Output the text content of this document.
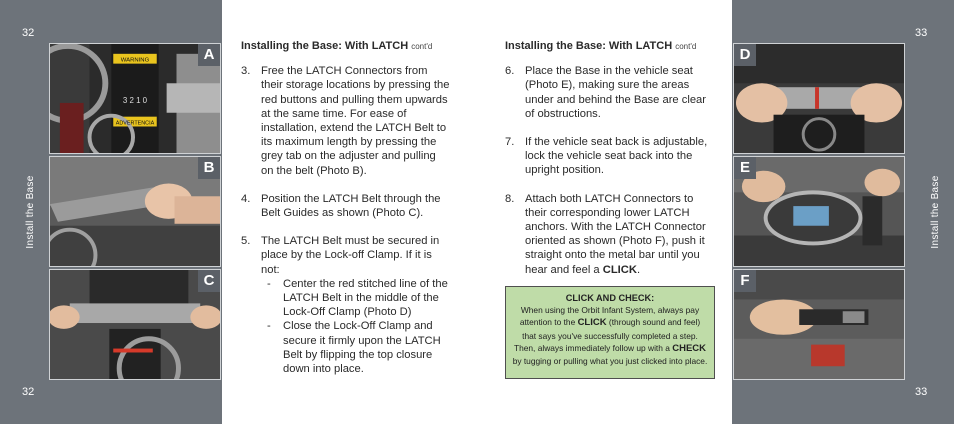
32
32
Install the Base
WARNING
3 2 1 0
ADVERTENCIA
A
B
C
Installing the Base: With LATCH cont'd
3. Free the LATCH Connectors from their storage locations by pressing the red buttons and pulling them upwards at the same time. For ease of installation, extend the LATCH Belt to its maximum length by pressing the grey tab on the adjuster and pulling on the belt (Photo B).
4. Position the LATCH Belt through the Belt Guides as shown (Photo C).
5. The LATCH Belt must be secured in place by the Lock-off Clamp. If it is not:
- Center the red stitched line of the LATCH Belt in the middle of the Lock-Off Clamp (Photo D)
- Close the Lock-Off Clamp and secure it firmly upon the LATCH Belt by flipping the top closure down into place.
Installing the Base: With LATCH cont'd
6. Place the Base in the vehicle seat (Photo E), making sure the areas under and behind the Base are clear of obstructions.
7. If the vehicle seat back is adjustable, lock the vehicle seat back into the upright position.
8. Attach both LATCH Connectors to their corresponding lower LATCH anchors. With the LATCH Connector oriented as shown (Photo F), push it straight onto the metal bar until you hear and feel a CLICK.
CLICK AND CHECK:
When using the Orbit Infant System, always pay attention to the CLICK (through sound and feel) that says you've successfully completed a step. Then, always immediately follow up with a CHECK by tugging or pulling what you just clicked into place.
33
33
Install the Base
D
E
F
